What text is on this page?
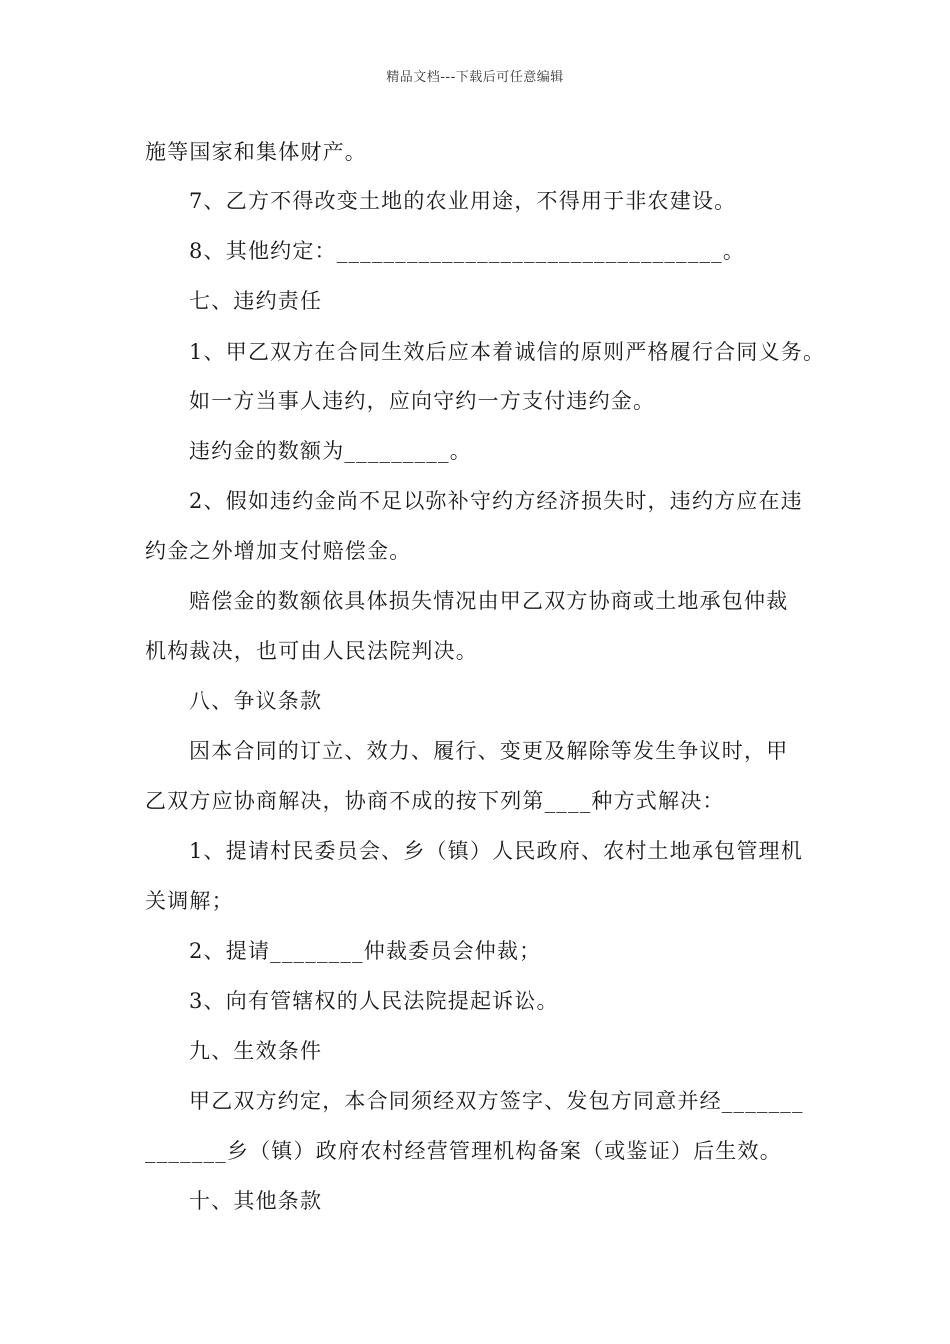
精品文档---下载后可任意编辑
施等国家和集体财产。
7、乙方不得改变土地的农业用途，不得用于非农建设。
8、其他约定：_________________________________。
七、违约责任
1、甲乙双方在合同生效后应本着诚信的原则严格履行合同义务。
如一方当事人违约，应向守约一方支付违约金。
违约金的数额为_________。
2、假如违约金尚不足以弥补守约方经济损失时，违约方应在违
约金之外增加支付赔偿金。
赔偿金的数额依具体损失情况由甲乙双方协商或土地承包仲裁
机构裁决，也可由人民法院判决。
八、争议条款
因本合同的订立、效力、履行、变更及解除等发生争议时，甲
乙双方应协商解决，协商不成的按下列第____种方式解决：
1、提请村民委员会、乡（镇）人民政府、农村土地承包管理机
关调解；
2、提请________仲裁委员会仲裁；
3、向有管辖权的人民法院提起诉讼。
九、生效条件
甲乙双方约定，本合同须经双方签字、发包方同意并经_______
_______乡（镇）政府农村经营管理机构备案（或鉴证）后生效。
十、其他条款
